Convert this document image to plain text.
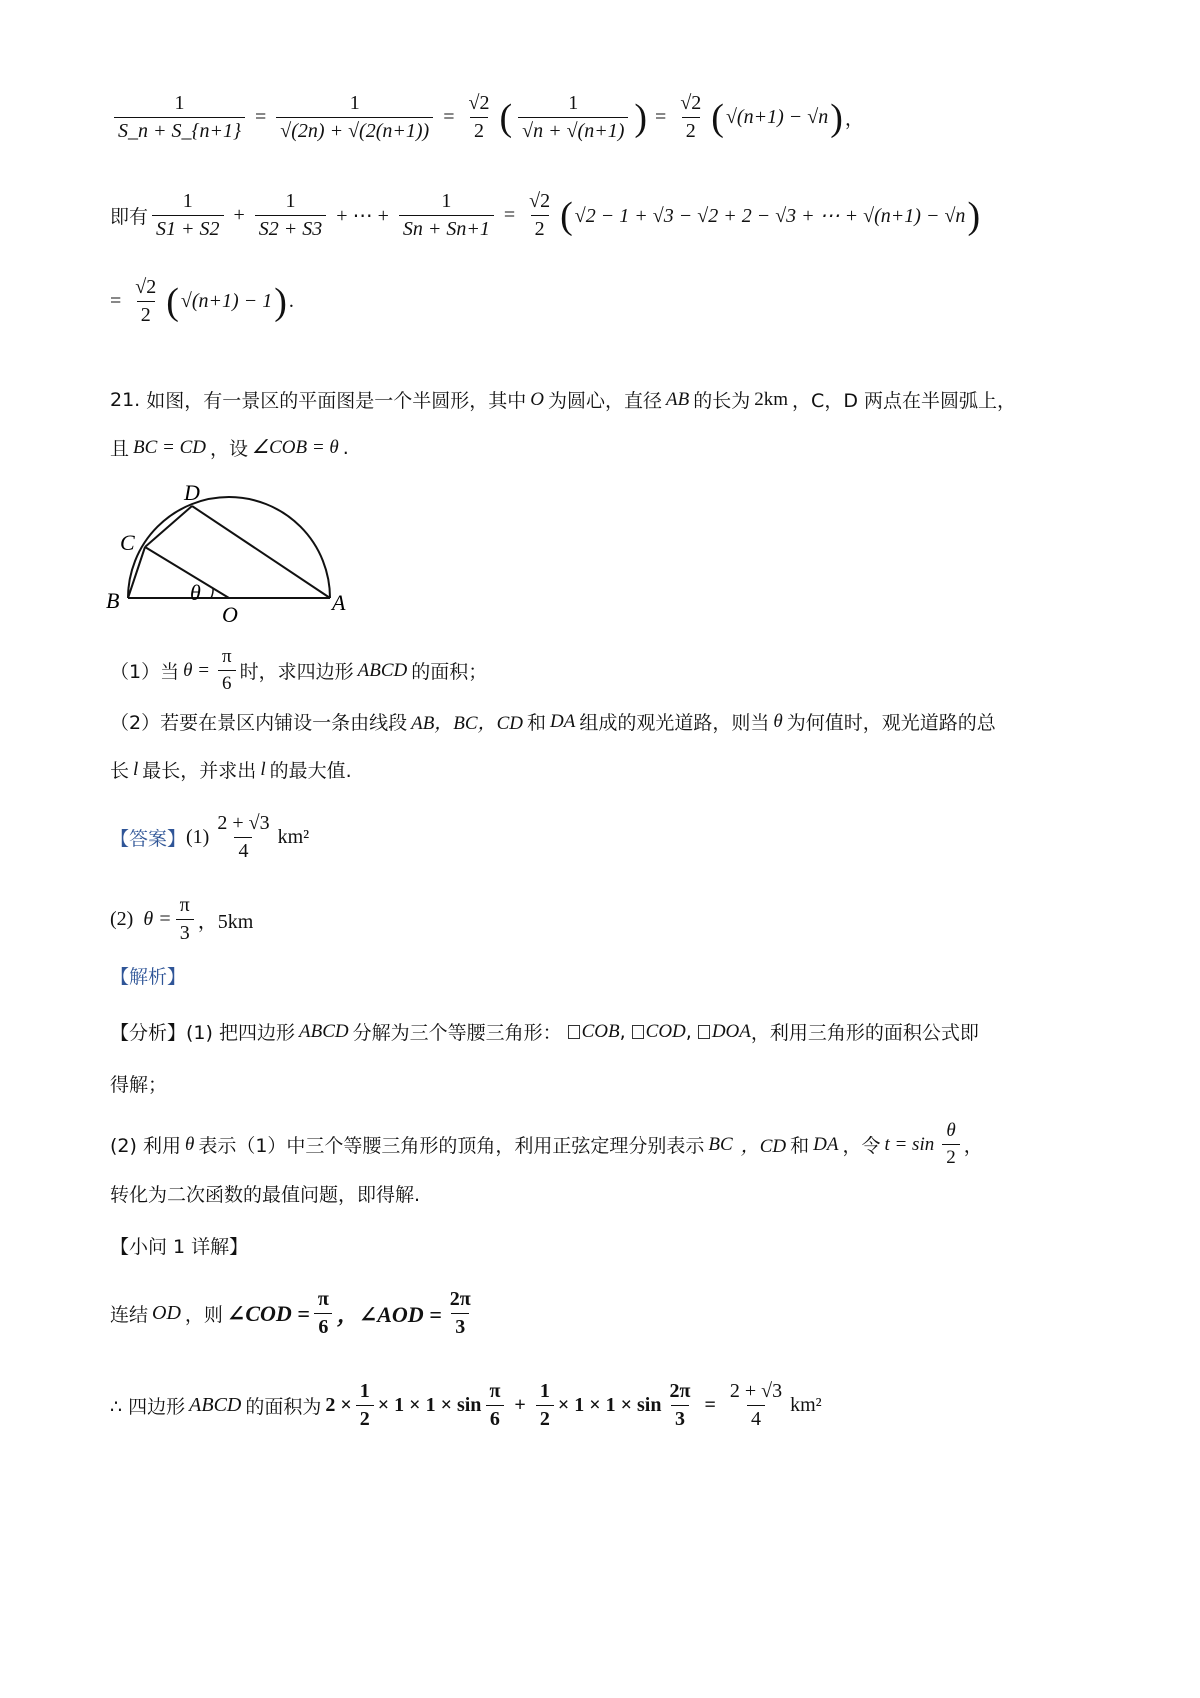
$\frac{1}{S\_n + S\_\{n+1\}} = \frac{1}{√(2n) + √(2(n+1))} = \frac{√2}{2}$ ( $\frac{1}{√n + √(n+1)}$ ) = $\frac{√2}{2}$ ( √(n+1) − √n ) ，
即有 $\frac{1}{S1 + S2} + \frac{1}{S2 + S3}$ + ⋯ + $\frac{1}{Sn + Sn+1} = \frac{√2}{2}$ ( √2 − 1 + √3 − √2 + 2 − √3 + ⋯ + √(n+1) − √n )
= $\frac{√2}{2}$ ( √(n+1) − 1 ) .
21.
如图，有一景区的平面图是一个半圆形，其中 O 为圆心，直径 AB 的长为 2km ，C，D 两点在半圆弧上，
且 BC = CD ，设 ∠COB = θ .
B	A
C
D
O
θ
（1）当 $\theta = \frac{\pi}{6}$ 时，求四边形 ABCD 的面积；
（2）若要在景区内铺设一条由线段 AB，BC，CD 和 DA 组成的观光道路，则当 θ 为何值时，观光道路的总
长 l 最长，并求出 l 的最大值.
【答案】 $(1) \frac{2 + √3}{4} km^2$
(2)
$\theta = \frac{\pi}{3}$ ，5km
【解析】
【分析】 (1) 把四边形 ABCD 分解为三个等腰三角形： COB , COD , DOA ，利用三角形的面积公式即
得解；
(2) 利用 θ 表示（1）中三个等腰三角形的顶角，利用正弦定理分别表示 BC ，CD 和 DA ，令 $t = \sin \frac{\theta}{2}$ ，
转化为二次函数的最值问题，即得解.
【小问 1 详解】
连结 OD ，则 ∠COD = $\frac{\pi}{6}$ ，∠AOD = $\frac{2\pi}{3}$
∴ 四边形 ABCD 的面积为 $2 \times \frac{1}{2} \times 1 \times 1 \times \sin \frac{\pi}{6} + \frac{1}{2} \times 1 \times 1 \times \sin \frac{2\pi}{3} = \frac{2 + √3}{4} km^2$
